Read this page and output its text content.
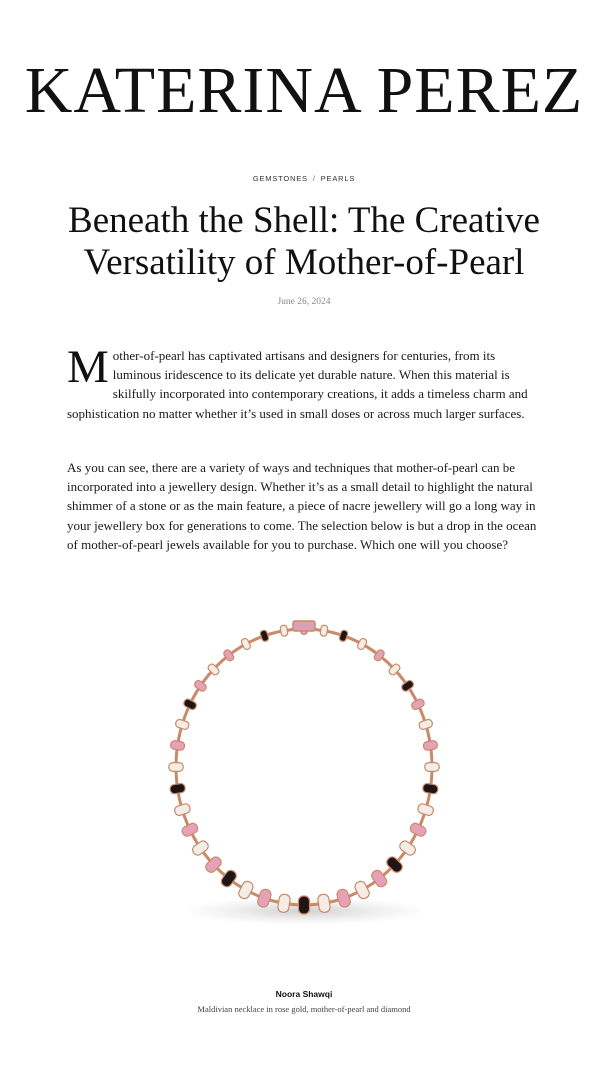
KATERINA PEREZ
GEMSTONES / PEARLS
Beneath the Shell: The Creative Versatility of Mother-of-Pearl
June 26, 2024

Mother-of-pearl has captivated artisans and designers for centuries, from its luminous iridescence to its delicate yet durable nature. When this material is skilfully incorporated into contemporary creations, it adds a timeless charm and sophistication no matter whether it’s used in small doses or across much larger surfaces.

As you can see, there are a variety of ways and techniques that mother-of-pearl can be incorporated into a jewellery design. Whether it’s as a small detail to highlight the natural shimmer of a stone or as the main feature, a piece of nacre jewellery will go a long way in your jewellery box for generations to come. The selection below is but a drop in the ocean of mother-of-pearl jewels available for you to purchase. Which one will you choose?

Noora Shawqi
Maldivian necklace in rose gold, mother-of-pearl and diamond
